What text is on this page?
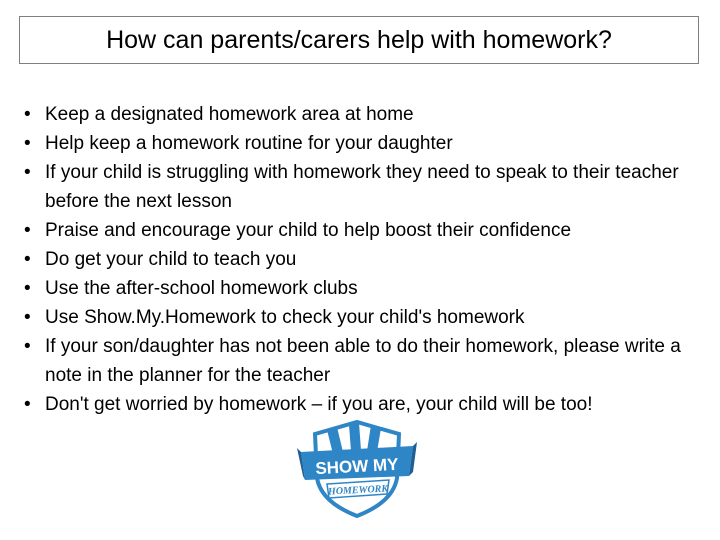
How can parents/carers help with homework?
• Keep a designated homework area at home
• Help keep a homework routine for your daughter
• If your child is struggling with homework they need to speak to their teacher before the next lesson
• Praise and encourage your child to help boost their confidence
• Do get your child to teach you
• Use the after-school homework clubs
• Use Show.My.Homework to check your child's homework
• If your son/daughter has not been able to do their homework, please write a note in the planner for the teacher
• Don't get worried by homework – if you are, your child will be too!
SHOW MY
HOMEWORK
